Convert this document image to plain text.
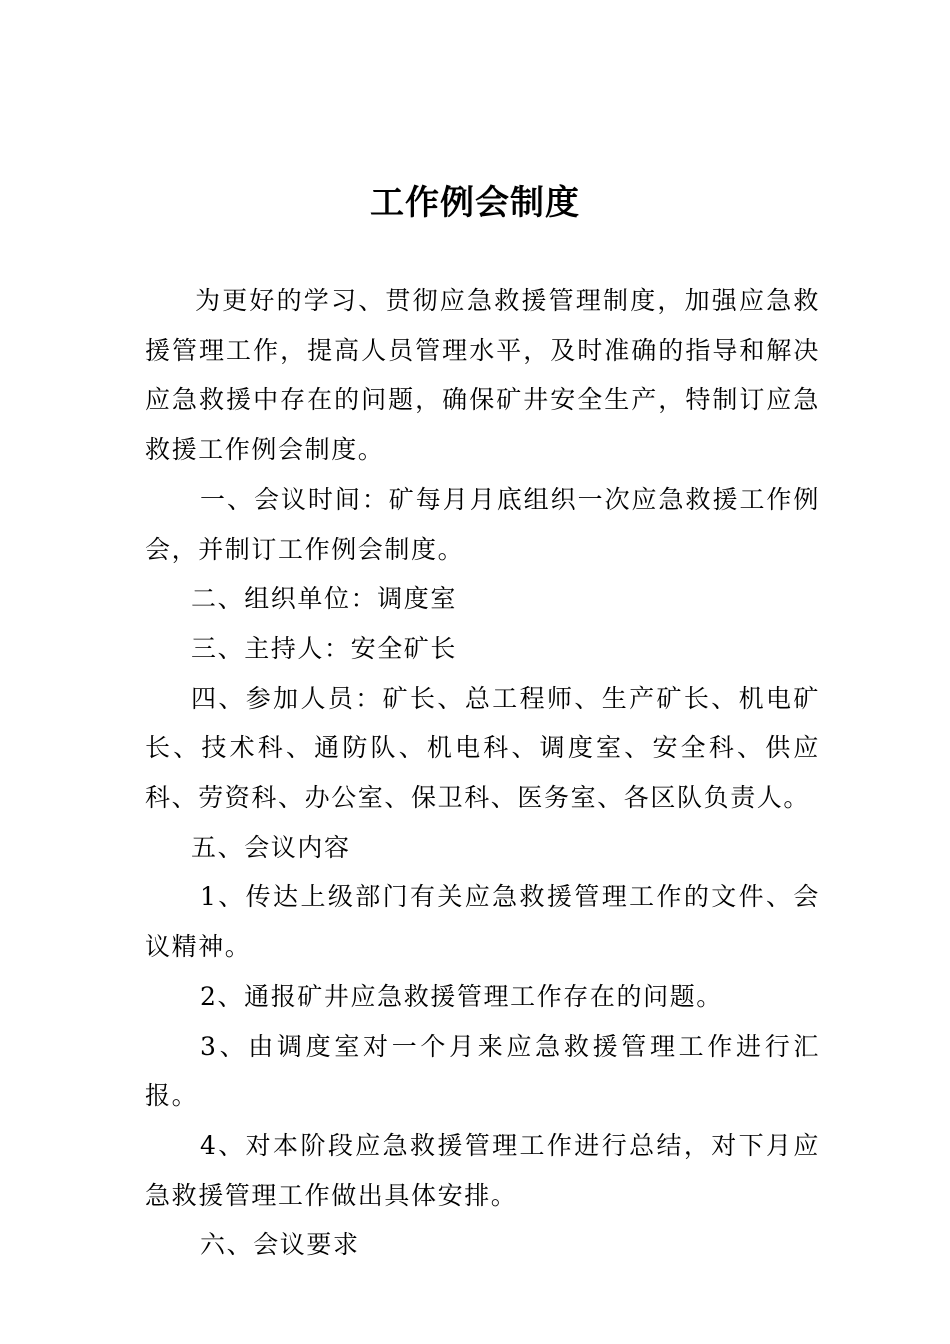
工作例会制度

为更好的学习、贯彻应急救援管理制度，加强应急救援管理工作，提高人员管理水平，及时准确的指导和解决应急救援中存在的问题，确保矿井安全生产，特制订应急救援工作例会制度。

一、会议时间：矿每月月底组织一次应急救援工作例会，并制订工作例会制度。

二、组织单位：调度室

三、主持人：安全矿长

四、参加人员：矿长、总工程师、生产矿长、机电矿长、技术科、通防队、机电科、调度室、安全科、供应科、劳资科、办公室、保卫科、医务室、各区队负责人。

五、会议内容

1、传达上级部门有关应急救援管理工作的文件、会议精神。

2、通报矿井应急救援管理工作存在的问题。

3、由调度室对一个月来应急救援管理工作进行汇报。

4、对本阶段应急救援管理工作进行总结，对下月应急救援管理工作做出具体安排。

六、会议要求
